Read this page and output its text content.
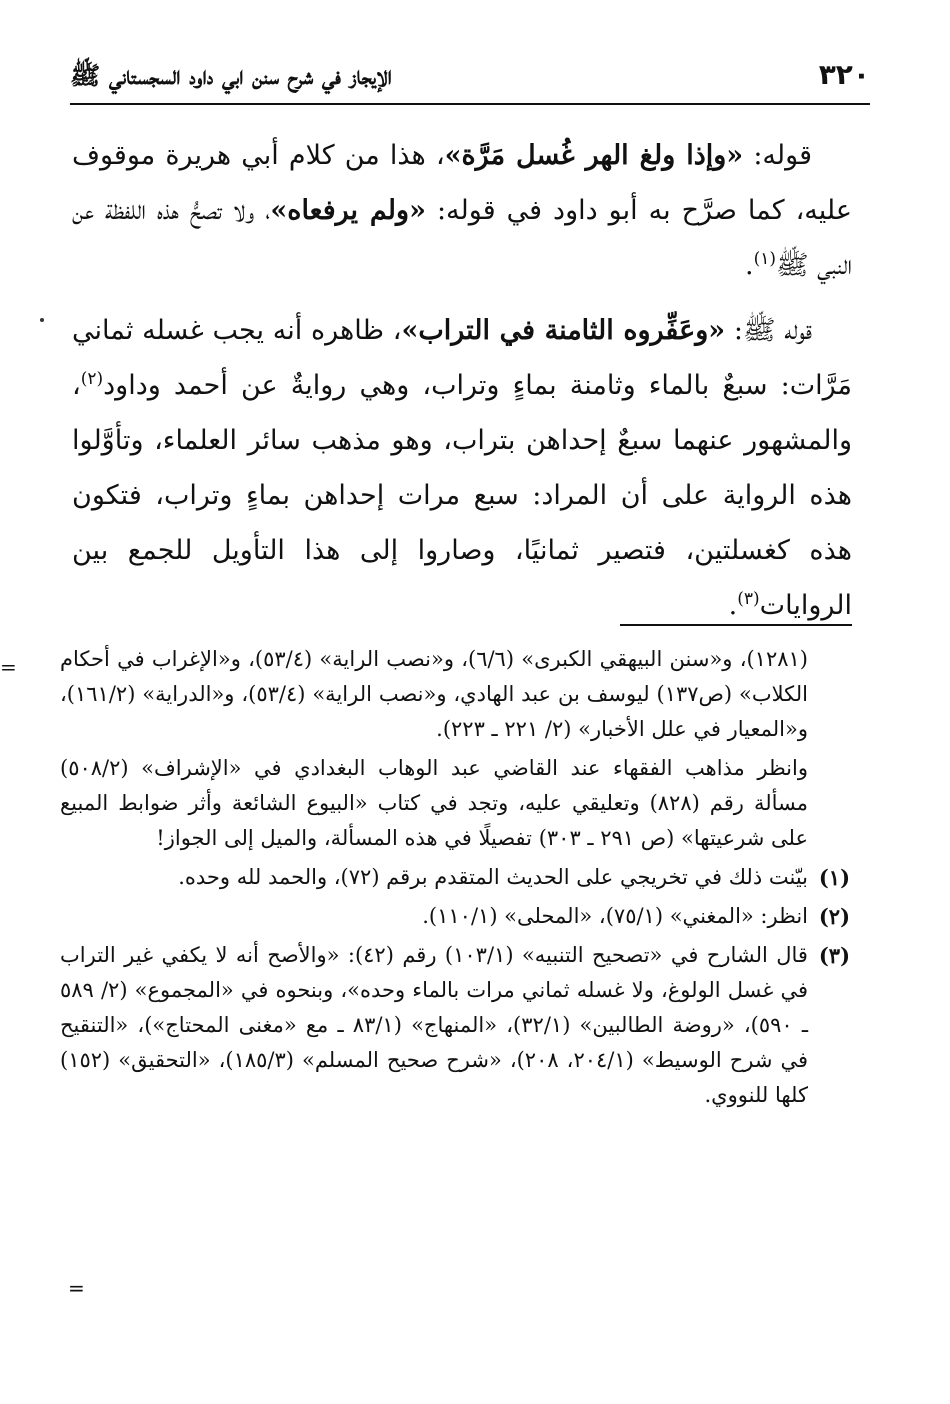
٣٢٠
الإيجاز في شرح سنن ابي داود السجستاني ﷺ

قوله: «وإذا ولغ الهر غُسل مَرَّة»، هذا من كلام أبي هريرة موقوف عليه، كما صرَّح به أبو داود في قوله: «ولم يرفعاه»، ولا تصحُّ هذه اللفظة عن النبي ﷺ$^{(١)}$.

قوله ﷺ: «وعَفِّروه الثامنة في التراب»، ظاهره أنه يجب غسله ثماني مَرَّات: سبعٌ بالماء وثامنة بماءٍ وتراب، وهي روايةٌ عن أحمد وداود$^{(٢)}$، والمشهور عنهما سبعٌ إحداهن بتراب، وهو مذهب سائر العلماء، وتأوَّلوا هذه الرواية على أن المراد: سبع مرات إحداهن بماءٍ وتراب، فتكون هذه كغسلتين، فتصير ثمانيًا، وصاروا إلى هذا التأويل للجمع بين الروايات$^{(٣)}$.

= (١٢٨١)، و«سنن البيهقي الكبرى» (٦/٦)، و«نصب الراية» (٥٣/٤)، و«الإغراب في أحكام الكلاب» (ص١٣٧) ليوسف بن عبد الهادي، و«نصب الراية» (٥٣/٤)، و«الدراية» (١٦١/٢)، و«المعيار في علل الأخبار» (٢/ ٢٢١ ـ ٢٢٣).

وانظر مذاهب الفقهاء عند القاضي عبد الوهاب البغدادي في «الإشراف» (٥٠٨/٢) مسألة رقم (٨٢٨) وتعليقي عليه، وتجد في كتاب «البيوع الشائعة وأثر ضوابط المبيع على شرعيتها» (ص ٢٩١ ـ ٣٠٣) تفصيلًا في هذه المسألة، والميل إلى الجواز!

(١)
بيّنت ذلك في تخريجي على الحديث المتقدم برقم (٧٢)، والحمد لله وحده.
(٢)
انظر: «المغني» (٧٥/١)، «المحلى» (١١٠/١).
(٣)
قال الشارح في «تصحيح التنبيه» (١٠٣/١) رقم (٤٢): «والأصح أنه لا يكفي غير التراب في غسل الولوغ، ولا غسله ثماني مرات بالماء وحده»، وبنحوه في «المجموع» (٢/ ٥٨٩ ـ ٥٩٠)، «روضة الطالبين» (٣٢/١)، «المنهاج» (٨٣/١ ـ مع «مغنى المحتاج»)، «التنقيح في شرح الوسيط» (٢٠٤/١، ٢٠٨)، «شرح صحيح المسلم» (١٨٥/٣)، «التحقيق» (١٥٢) كلها للنووي.
=
